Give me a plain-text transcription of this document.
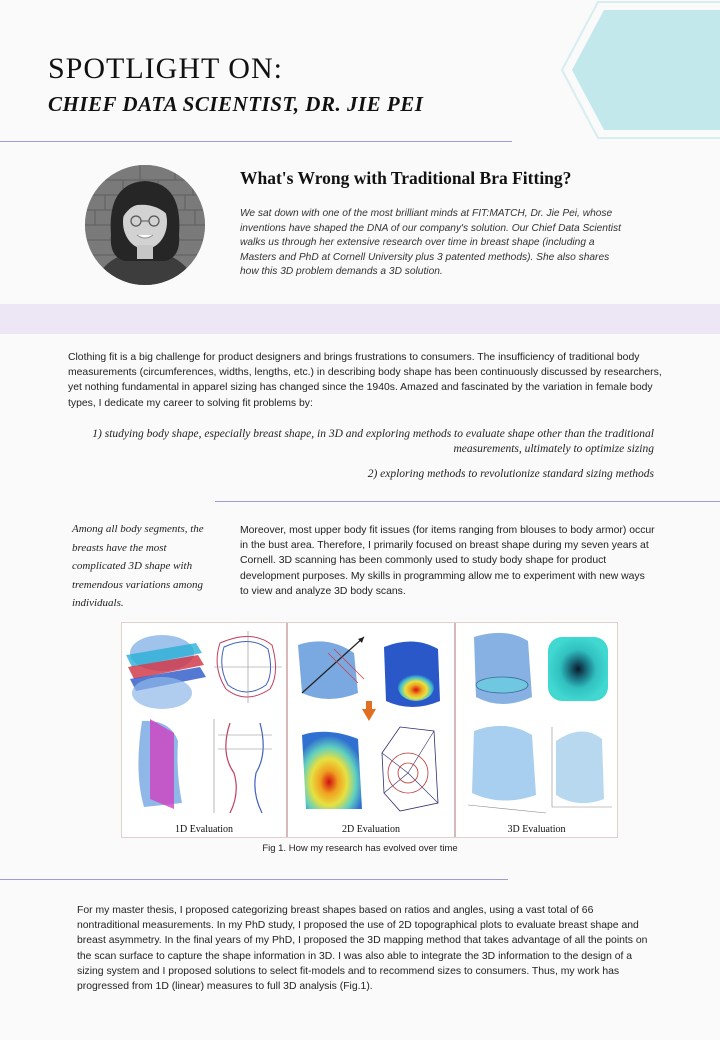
SPOTLIGHT ON:
CHIEF DATA SCIENTIST, DR. JIE PEI
What's Wrong with Traditional Bra Fitting?

We sat down with one of the most brilliant minds at FIT:MATCH, Dr. Jie Pei, whose inventions have shaped the DNA of our company's solution. Our Chief Data Scientist walks us through her extensive research over time in breast shape (including a Masters and PhD at Cornell University plus 3 patented methods). She also shares how this 3D problem demands a 3D solution.

Clothing fit is a big challenge for product designers and brings frustrations to consumers. The insufficiency of traditional body measurements (circumferences, widths, lengths, etc.) in describing body shape has been continuously discussed by researchers, yet nothing fundamental in apparel sizing has changed since the 1940s. Amazed and fascinated by the variation in female body types, I dedicate my career to solving fit problems by:

1) studying body shape, especially breast shape, in 3D and exploring methods to evaluate shape other than the traditional measurements, ultimately to optimize sizing

2) exploring methods to revolutionize standard sizing methods

Among all body segments, the breasts have the most complicated 3D shape with tremendous variations among individuals.

Moreover, most upper body fit issues (for items ranging from blouses to body armor) occur in the bust area. Therefore, I primarily focused on breast shape during my seven years at Cornell. 3D scanning has been commonly used to study body shape for product development purposes. My skills in programming allow me to experiment with new ways to view and analyze 3D body scans.

1D Evaluation	2D Evaluation	3D Evaluation

Fig 1. How my research has evolved over time

For my master thesis, I proposed categorizing breast shapes based on ratios and angles, using a vast total of 66 nontraditional measurements. In my PhD study, I proposed the use of 2D topographical plots to evaluate breast shape and breast asymmetry. In the final years of my PhD, I proposed the 3D mapping method that takes advantage of all the points on the scan surface to capture the shape information in 3D. I was also able to integrate the 3D information to the design of a sizing system and I proposed solutions to select fit-models and to recommend sizes to consumers. Thus, my work has progressed from 1D (linear) measures to full 3D analysis (Fig.1).
